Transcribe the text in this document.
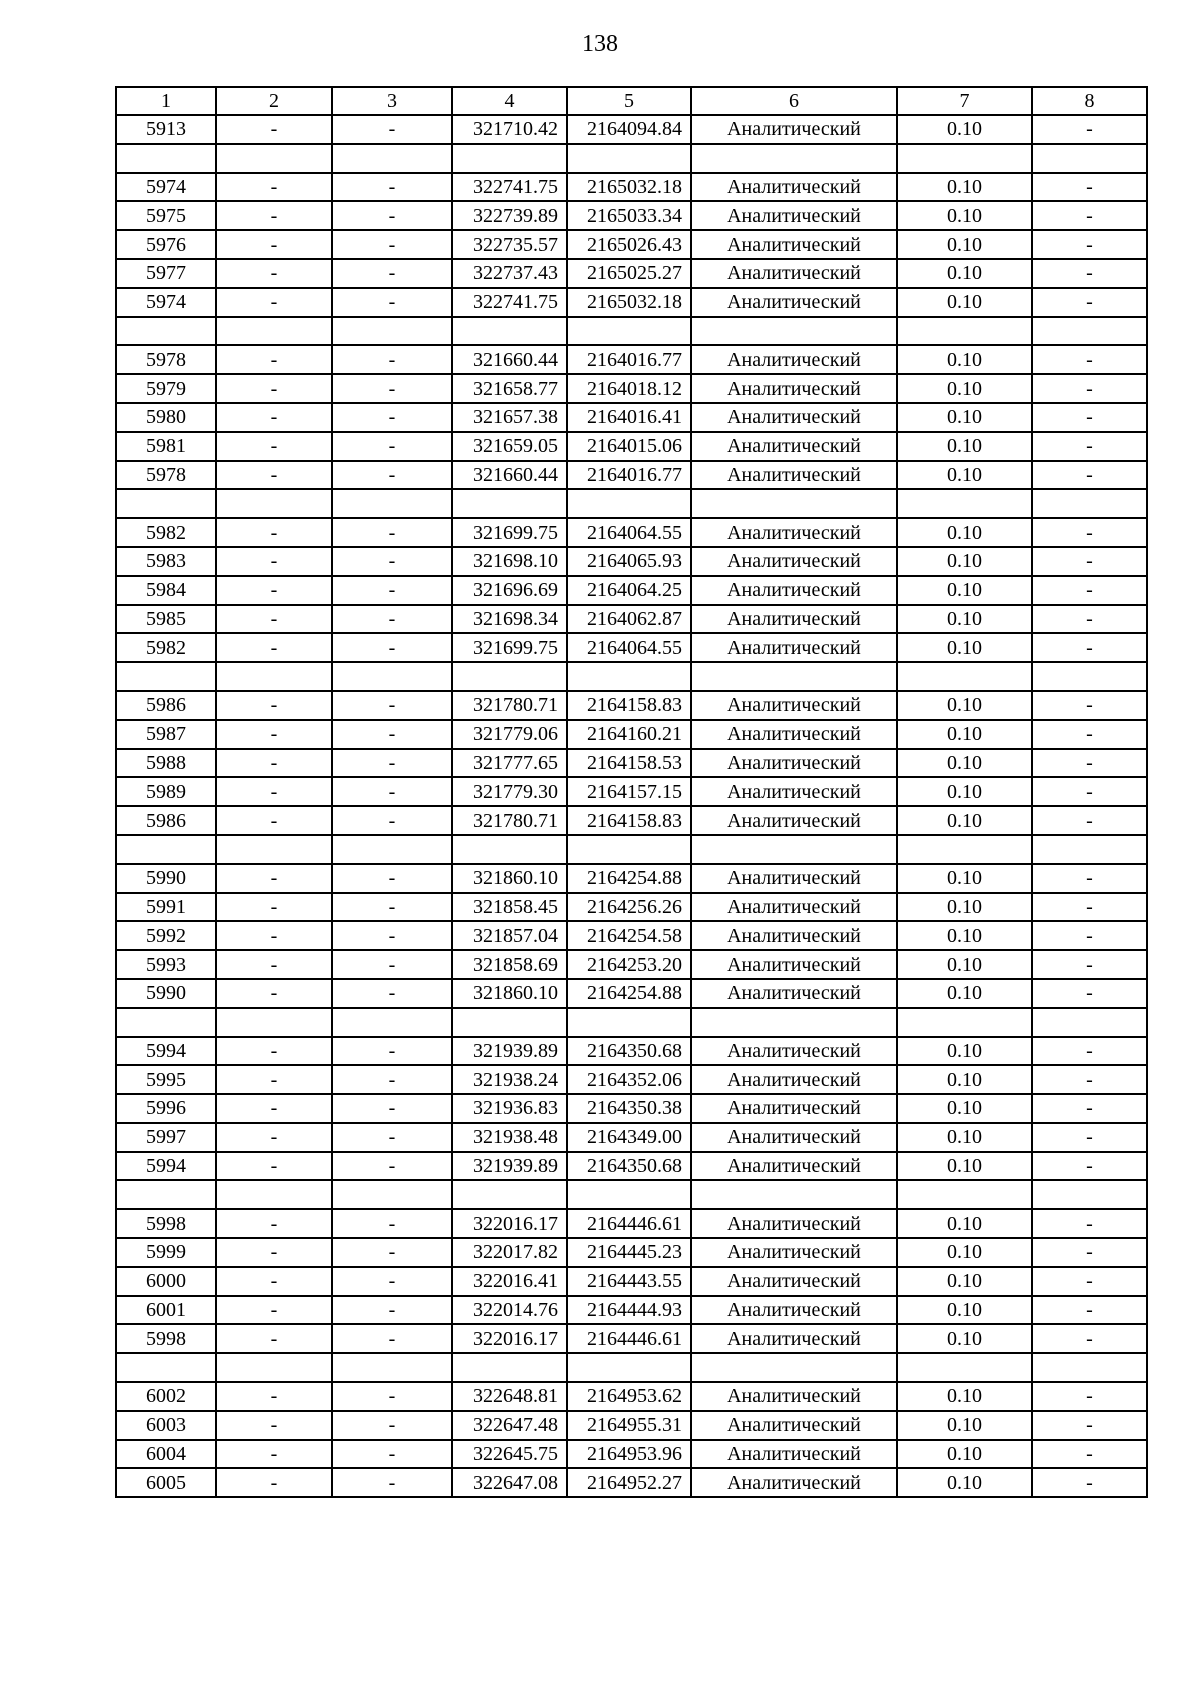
138
1	2	3	4	5	6	7	8
5913	-	-	321710.42	2164094.84	Аналитический	0.10	-

5974	-	-	322741.75	2165032.18	Аналитический	0.10	-
5975	-	-	322739.89	2165033.34	Аналитический	0.10	-
5976	-	-	322735.57	2165026.43	Аналитический	0.10	-
5977	-	-	322737.43	2165025.27	Аналитический	0.10	-
5974	-	-	322741.75	2165032.18	Аналитический	0.10	-

5978	-	-	321660.44	2164016.77	Аналитический	0.10	-
5979	-	-	321658.77	2164018.12	Аналитический	0.10	-
5980	-	-	321657.38	2164016.41	Аналитический	0.10	-
5981	-	-	321659.05	2164015.06	Аналитический	0.10	-
5978	-	-	321660.44	2164016.77	Аналитический	0.10	-

5982	-	-	321699.75	2164064.55	Аналитический	0.10	-
5983	-	-	321698.10	2164065.93	Аналитический	0.10	-
5984	-	-	321696.69	2164064.25	Аналитический	0.10	-
5985	-	-	321698.34	2164062.87	Аналитический	0.10	-
5982	-	-	321699.75	2164064.55	Аналитический	0.10	-

5986	-	-	321780.71	2164158.83	Аналитический	0.10	-
5987	-	-	321779.06	2164160.21	Аналитический	0.10	-
5988	-	-	321777.65	2164158.53	Аналитический	0.10	-
5989	-	-	321779.30	2164157.15	Аналитический	0.10	-
5986	-	-	321780.71	2164158.83	Аналитический	0.10	-

5990	-	-	321860.10	2164254.88	Аналитический	0.10	-
5991	-	-	321858.45	2164256.26	Аналитический	0.10	-
5992	-	-	321857.04	2164254.58	Аналитический	0.10	-
5993	-	-	321858.69	2164253.20	Аналитический	0.10	-
5990	-	-	321860.10	2164254.88	Аналитический	0.10	-

5994	-	-	321939.89	2164350.68	Аналитический	0.10	-
5995	-	-	321938.24	2164352.06	Аналитический	0.10	-
5996	-	-	321936.83	2164350.38	Аналитический	0.10	-
5997	-	-	321938.48	2164349.00	Аналитический	0.10	-
5994	-	-	321939.89	2164350.68	Аналитический	0.10	-

5998	-	-	322016.17	2164446.61	Аналитический	0.10	-
5999	-	-	322017.82	2164445.23	Аналитический	0.10	-
6000	-	-	322016.41	2164443.55	Аналитический	0.10	-
6001	-	-	322014.76	2164444.93	Аналитический	0.10	-
5998	-	-	322016.17	2164446.61	Аналитический	0.10	-

6002	-	-	322648.81	2164953.62	Аналитический	0.10	-
6003	-	-	322647.48	2164955.31	Аналитический	0.10	-
6004	-	-	322645.75	2164953.96	Аналитический	0.10	-
6005	-	-	322647.08	2164952.27	Аналитический	0.10	-
